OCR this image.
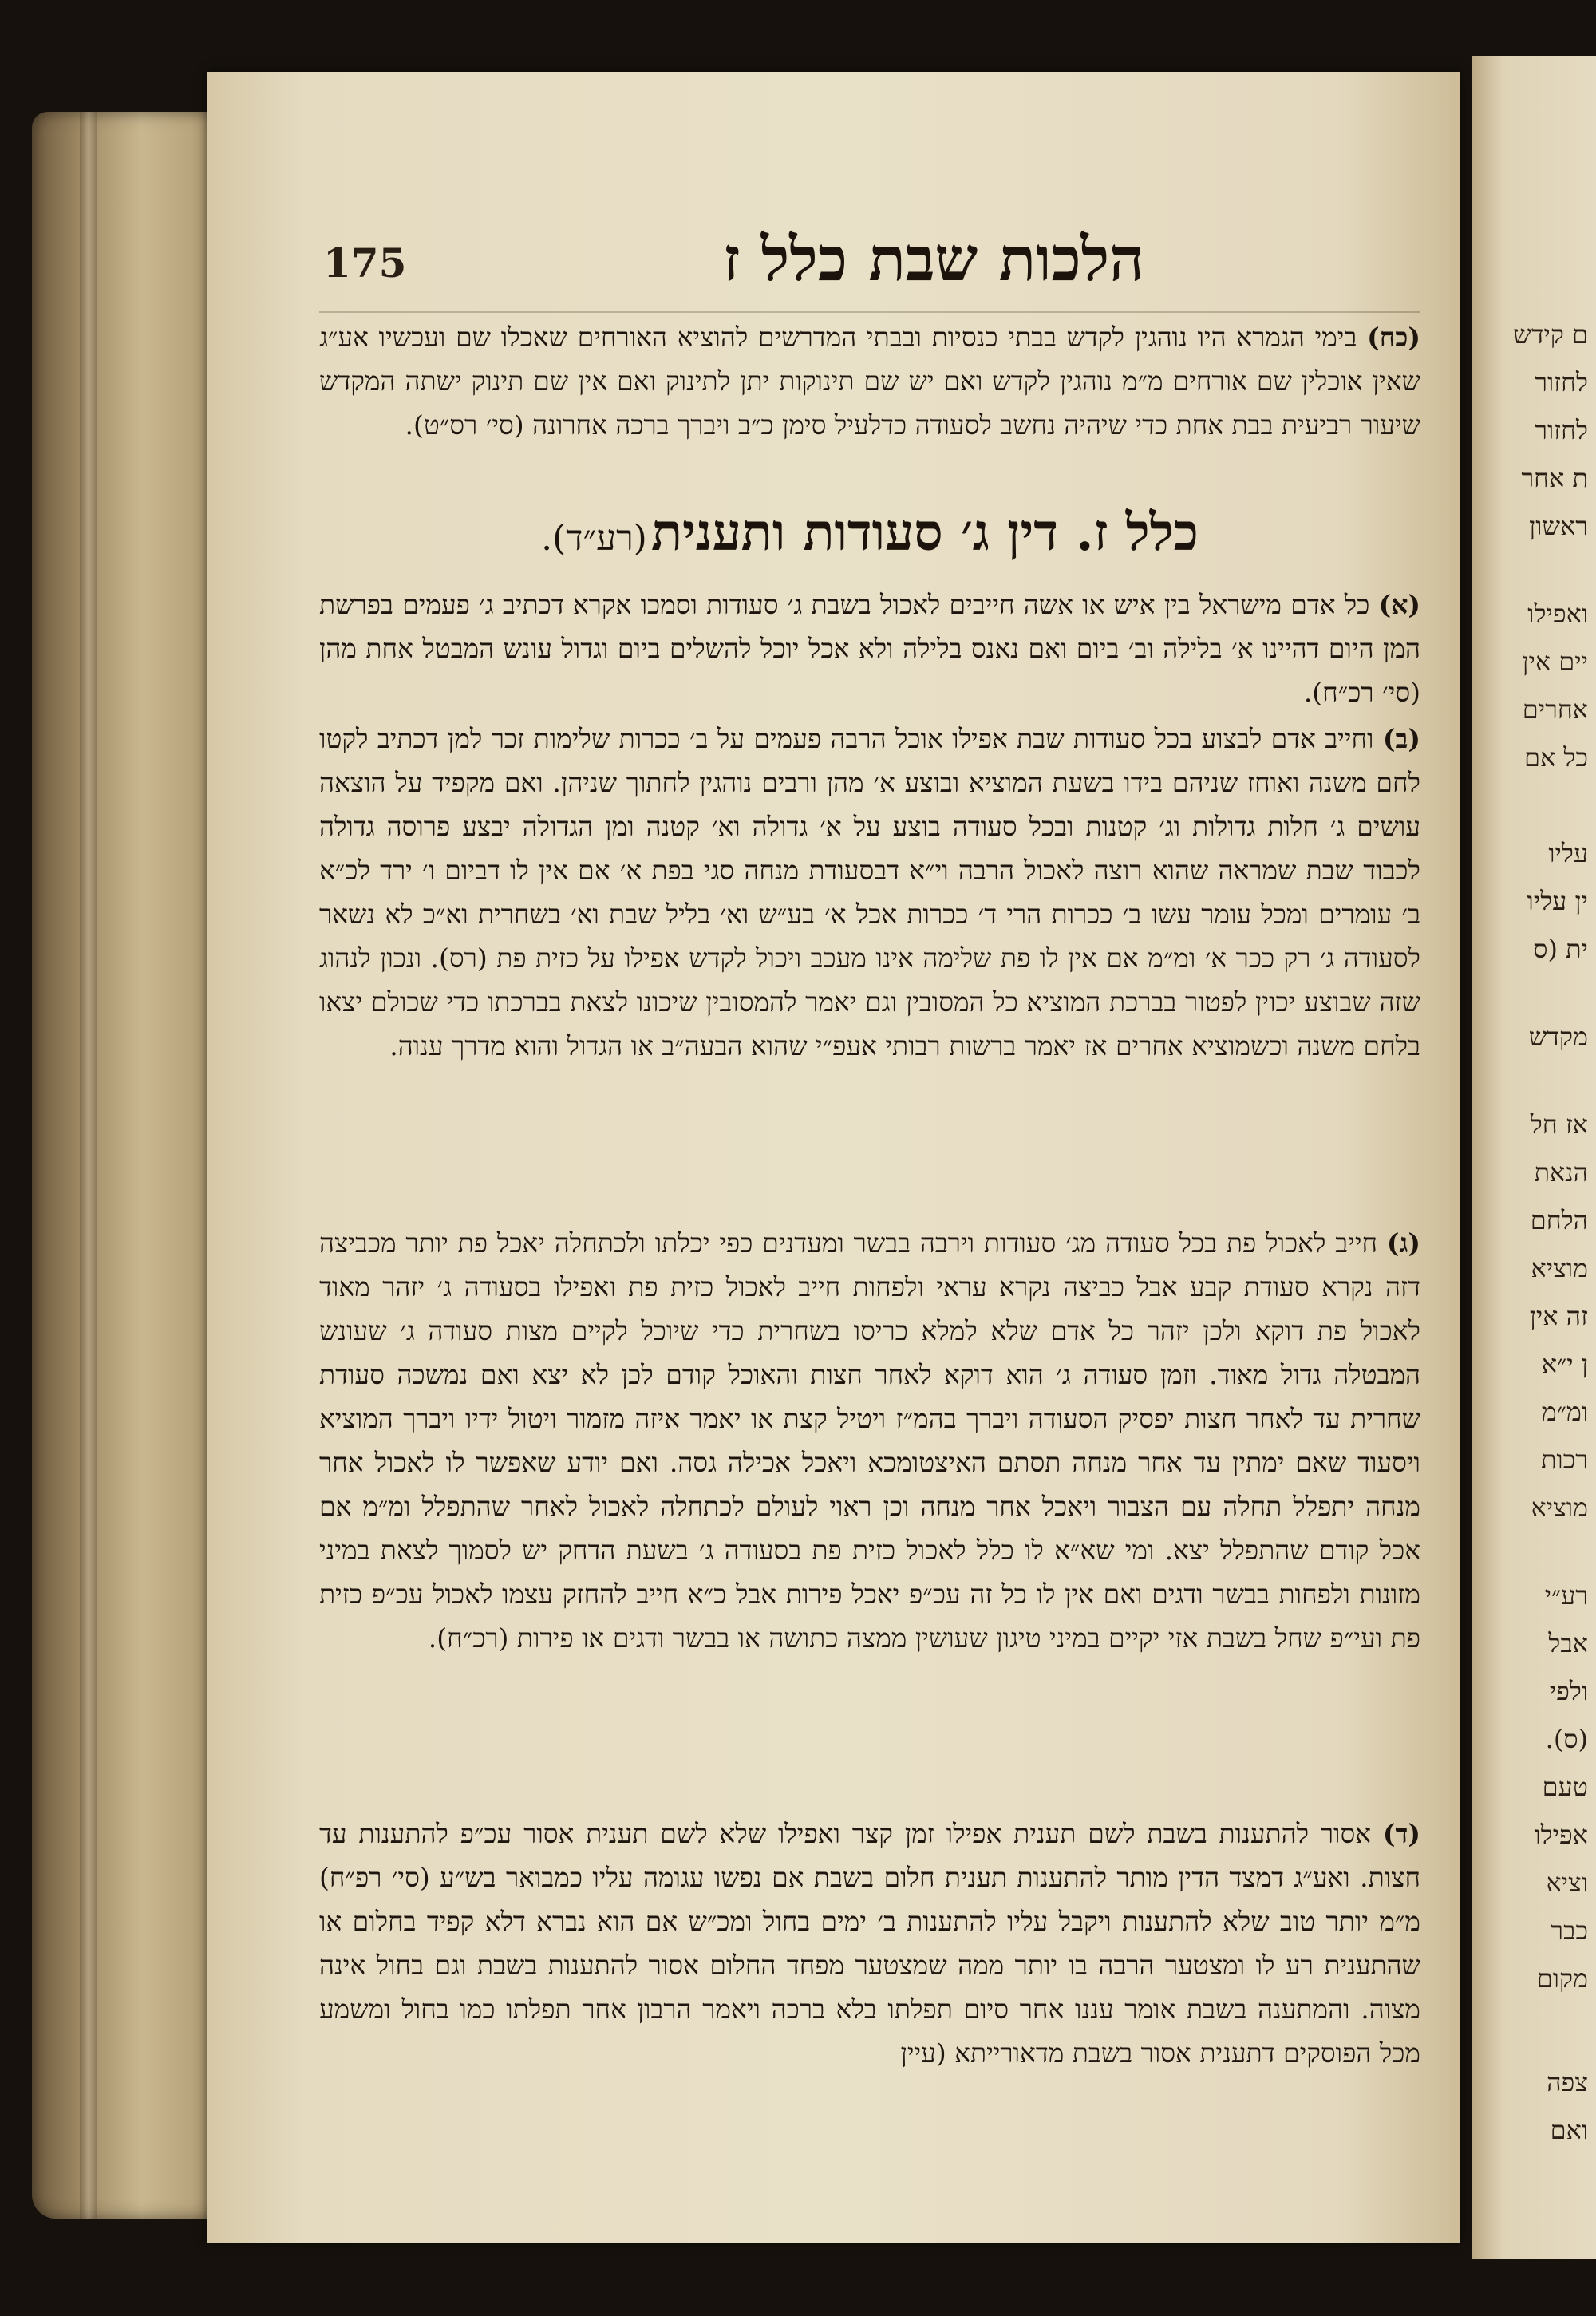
ם קידש
לחזור
לחזור
ת אחר
ראשון
ואפילו
יים אין
אחרים
כל אם
עליו
ין עליו
ית (ס
מקדש
אז חל
הנאת
הלחם
מוציא
זה אין
ן י״א
ומ״מ
רכות
מוציא
רע״י
אבל
ולפי
(ס).
טעם
אפילו
וציא
כבר
מקום
צפה
ואם
175	הלכות שבת כלל ז
(כח) בימי הגמרא היו נוהגין לקדש בבתי כנסיות ובבתי המדרשים להוציא האורחים שאכלו שם ועכשיו אע״ג שאין אוכלין שם אורחים מ״מ נוהגין לקדש ואם יש שם תינוקות יתן לתינוק ואם אין שם תינוק ישתה המקדש שיעור רביעית בבת אחת כדי שיהיה נחשב לסעודה כדלעיל סימן כ״ב ויברך ברכה אחרונה (סי׳ רס״ט).
כלל ז. דין ג׳ סעודות ותענית (רע״ד).
(א) כל אדם מישראל בין איש או אשה חייבים לאכול בשבת ג׳ סעודות וסמכו אקרא דכתיב ג׳ פעמים בפרשת המן היום דהיינו א׳ בלילה וב׳ ביום ואם נאנס בלילה ולא אכל יוכל להשלים ביום וגדול עונש המבטל אחת מהן (סי׳ רכ״ח).
(ב) וחייב אדם לבצוע בכל סעודות שבת אפילו אוכל הרבה פעמים על ב׳ ככרות שלימות זכר למן דכתיב לקטו לחם משנה ואוחז שניהם בידו בשעת המוציא ובוצע א׳ מהן ורבים נוהגין לחתוך שניהן. ואם מקפיד על הוצאה עושים ג׳ חלות גדולות וג׳ קטנות ובכל סעודה בוצע על א׳ גדולה וא׳ קטנה ומן הגדולה יבצע פרוסה גדולה לכבוד שבת שמראה שהוא רוצה לאכול הרבה וי״א דבסעודת מנחה סגי בפת א׳ אם אין לו דביום ו׳ ירד לכ״א ב׳ עומרים ומכל עומר עשו ב׳ ככרות הרי ד׳ ככרות אכל א׳ בע״ש וא׳ בליל שבת וא׳ בשחרית וא״כ לא נשאר לסעודה ג׳ רק ככר א׳ ומ״מ אם אין לו פת שלימה אינו מעכב ויכול לקדש אפילו על כזית פת (רס). ונכון לנהוג שזה שבוצע יכוין לפטור בברכת המוציא כל המסובין וגם יאמר להמסובין שיכונו לצאת בברכתו כדי שכולם יצאו בלחם משנה וכשמוציא אחרים אז יאמר ברשות רבותי אעפ״י שהוא הבעה״ב או הגדול והוא מדרך ענוה.
(ג) חייב לאכול פת בכל סעודה מג׳ סעודות וירבה בבשר ומעדנים כפי יכלתו ולכתחלה יאכל פת יותר מכביצה דזה נקרא סעודת קבע אבל כביצה נקרא עראי ולפחות חייב לאכול כזית פת ואפילו בסעודה ג׳ יזהר מאוד לאכול פת דוקא ולכן יזהר כל אדם שלא למלא כריסו בשחרית כדי שיוכל לקיים מצות סעודה ג׳ שעונש המבטלה גדול מאוד. וזמן סעודה ג׳ הוא דוקא לאחר חצות והאוכל קודם לכן לא יצא ואם נמשכה סעודת שחרית עד לאחר חצות יפסיק הסעודה ויברך בהמ״ז ויטיל קצת או יאמר איזה מזמור ויטול ידיו ויברך המוציא ויסעוד שאם ימתין עד אחר מנחה תסתם האיצטומכא ויאכל אכילה גסה. ואם יודע שאפשר לו לאכול אחר מנחה יתפלל תחלה עם הצבור ויאכל אחר מנחה וכן ראוי לעולם לכתחלה לאכול לאחר שהתפלל ומ״מ אם אכל קודם שהתפלל יצא. ומי שא״א לו כלל לאכול כזית פת בסעודה ג׳ בשעת הדחק יש לסמוך לצאת במיני מזונות ולפחות בבשר ודגים ואם אין לו כל זה עכ״פ יאכל פירות אבל כ״א חייב להחזק עצמו לאכול עכ״פ כזית פת ועי״פ שחל בשבת אזי יקיים במיני טיגון שעושין ממצה כתושה או בבשר ודגים או פירות (רכ״ח).
(ד) אסור להתענות בשבת לשם תענית אפילו זמן קצר ואפילו שלא לשם תענית אסור עכ״פ להתענות עד חצות. ואע״ג דמצד הדין מותר להתענות תענית חלום בשבת אם נפשו עגומה עליו כמבואר בש״ע (סי׳ רפ״ח) מ״מ יותר טוב שלא להתענות ויקבל עליו להתענות ב׳ ימים בחול ומכ״ש אם הוא נברא דלא קפיד בחלום או שהתענית רע לו ומצטער הרבה בו יותר ממה שמצטער מפחד החלום אסור להתענות בשבת וגם בחול אינה מצוה. והמתענה בשבת אומר עננו אחר סיום תפלתו בלא ברכה ויאמר הרבון אחר תפלתו כמו בחול ומשמע מכל הפוסקים דתענית אסור בשבת מדאורייתא (עיין
